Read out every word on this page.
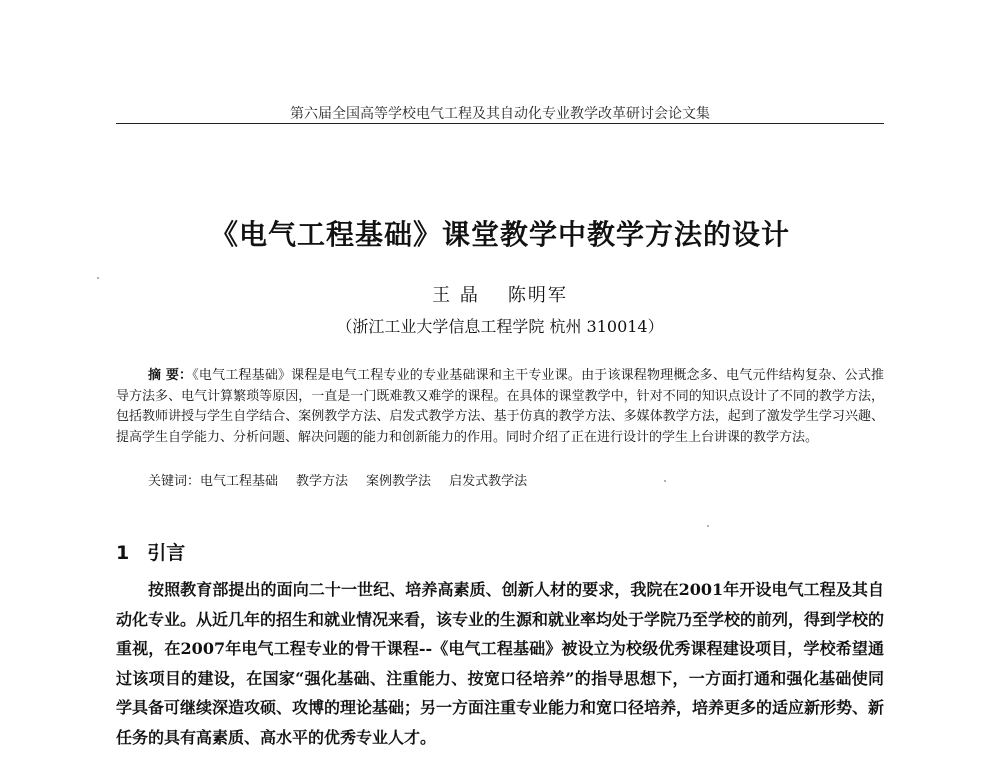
第六届全国高等学校电气工程及其自动化专业教学改革研讨会论文集
《电气工程基础》课堂教学中教学方法的设计
王 晶 陈明军
（浙江工业大学信息工程学院 杭州 310014）
摘 要：《电气工程基础》课程是电气工程专业的专业基础课和主干专业课。由于该课程物理概念多、电气元件结构复杂、公式推导方法多、电气计算繁琐等原因，一直是一门既难教又难学的课程。在具体的课堂教学中，针对不同的知识点设计了不同的教学方法，包括教师讲授与学生自学结合、案例教学方法、启发式教学方法、基于仿真的教学方法、多媒体教学方法，起到了激发学生学习兴趣、提高学生自学能力、分析问题、解决问题的能力和创新能力的作用。同时介绍了正在进行设计的学生上台讲课的教学方法。
关键词：电气工程基础 教学方法 案例教学法 启发式教学法
1 引言
按照教育部提出的面向二十一世纪、培养高素质、创新人材的要求，我院在2001年开设电气工程及其自动化专业。从近几年的招生和就业情况来看，该专业的生源和就业率均处于学院乃至学校的前列，得到学校的重视，在2007年电气工程专业的骨干课程--《电气工程基础》被设立为校级优秀课程建设项目，学校希望通过该项目的建设，在国家“强化基础、注重能力、按宽口径培养”的指导思想下，一方面打通和强化基础使同学具备可继续深造攻硕、攻博的理论基础；另一方面注重专业能力和宽口径培养，培养更多的适应新形势、新任务的具有高素质、高水平的优秀专业人才。
